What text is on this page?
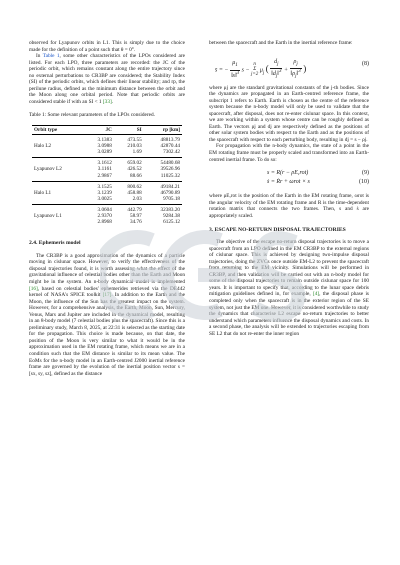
observed for Lyapunov orbits in L1. This is simply due to the choice made for the definition of a point such that θ = 0°.

In Table 1, some other characteristics of the LPOs considered are listed. For each LPO, three parameters are recorded: the JC of the periodic orbit, which remains constant along the entire trajectory since no external perturbations to CR3BP are considered; the Stability Index (SI) of the periodic orbits, which defines their linear stability; and rp, the perilune radius, defined as the minimum distance between the orbit and the Moon along one orbital period. Note that periodic orbits are considered stable if with an SI < 1 [33].

Table 1: Some relevant parameters of the LPOs considered.

Orbit type	JC	SI	rp [km]
	3.1383	473.55	48813.79
Halo L2	3.0988	210.03	42870.44
	3.0289	1.69	7302.42
	3.1612	659.02	54480.68
Lyapunov L2	3.1161	426.52	39526.96
	2.9867	88.66	11025.32
	3.1525	800.62	49184.21
Halo L1	3.1239	458.88	46790.89
	3.0025	2.03	9705.18
	3.0604	442.79	32383.20
Lyapunov L1	2.9370	58.97	9284.38
	2.8968	34.76	6125.12

2.4. Ephemeris model

The CR3BP is a good approximation of the dynamics of a particle moving in cislunar space. However, to verify the effectiveness of the disposal trajectories found, it is worth assessing what the effect of the gravitational influence of celestial bodies other than the Earth and Moon might be in the system. An n-body dynamical model is implemented [16], based on celestial bodies' ephemerides retrieved via the DE442 kernel of NASA's SPICE toolkit [17]. In addition to the Earth and the Moon, the influence of the Sun has the greatest impact on the system. However, for a comprehensive analysis, the Earth, Moon, Sun, Mercury, Venus, Mars and Jupiter are included in the dynamical model, resulting in an 8-body model (7 celestial bodies plus the spacecraft). Since this is a preliminary study, March 8, 2025, at 22:31 is selected as the starting date for the propagation. This choice is made because, on that date, the position of the Moon is very similar to what it would be in the approximation used in the EM rotating frame, which means we are in a condition such that the EM distance is similar to its mean value. The EoMs for the n-body model in an Earth-centred J2000 inertial reference frame are governed by the evolution of the inertial position vector s = [sx, sy, sz], defined as the distance

between the spacecraft and the Earth in the inertial reference frame:

s̈ = − $\frac{\mu_1}{‖s‖^3}$ s − n
Σ
j=2 $\mu_j$ ( $\frac{d_j}{‖d_j‖^3} + \frac{\rho_j}{‖\rho_j‖^3}$ )	(8)

where μj are the standard gravitational constants of the j-th bodies. Since the dynamics are propagated in an Earth-centred reference frame, the subscript 1 refers to Earth. Earth is chosen as the centre of the reference system because the n-body model will only be used to validate that the spacecraft, after disposal, does not re-enter cislunar space. In this context, we are working within a system whose centre can be roughly defined as Earth. The vectors ρj and dj are respectively defined as the positions of other solar system bodies with respect to the Earth and as the positions of the spacecraft with respect to each perturbing body, resulting in dj = s − ρj.

For propagation with the n-body dynamics, the state of a point in the EM rotating frame must be properly scaled and transformed into an Earth-centred inertial frame. To do so:

s = R(r − ρE,rot)	(9)
ṡ = Ṙr + ωrot × s	(10)

where ρE,rot is the position of the Earth in the EM rotating frame, ωrot is the angular velocity of the EM rotating frame and R is the time-dependent rotation matrix that connects the two frames. Then, s and ṡ are appropriately scaled.

3. ESCAPE NO-RETURN DISPOSAL TRAJECTORIES

The objective of the escape no-return disposal trajectories is to move a spacecraft from an LPO defined in the EM CR3BP to the external regions of cislunar space. This is achieved by designing two-impulse disposal trajectories, doing the ZVCs once outside EM-L2 to prevent the spacecraft from returning to the EM vicinity. Simulations will be performed in CR3BP, and then validation will be carried out with an n-body model for some of the disposal trajectories to remain outside cislunar space for 100 years. It is important to specify that, according to the lunar space debris mitigation guidelines defined in, for example, [4], the disposal phase is completed only when the spacecraft is in the exterior region of the SE system, not just the EM one. However, it is considered worthwhile to study the dynamics that characterise L2 escape no-return trajectories to better understand which parameters influence the disposal dynamics and costs. In a second phase, the analysis will be extended to trajectories escaping from SE L2 that do not re-enter the inner region
